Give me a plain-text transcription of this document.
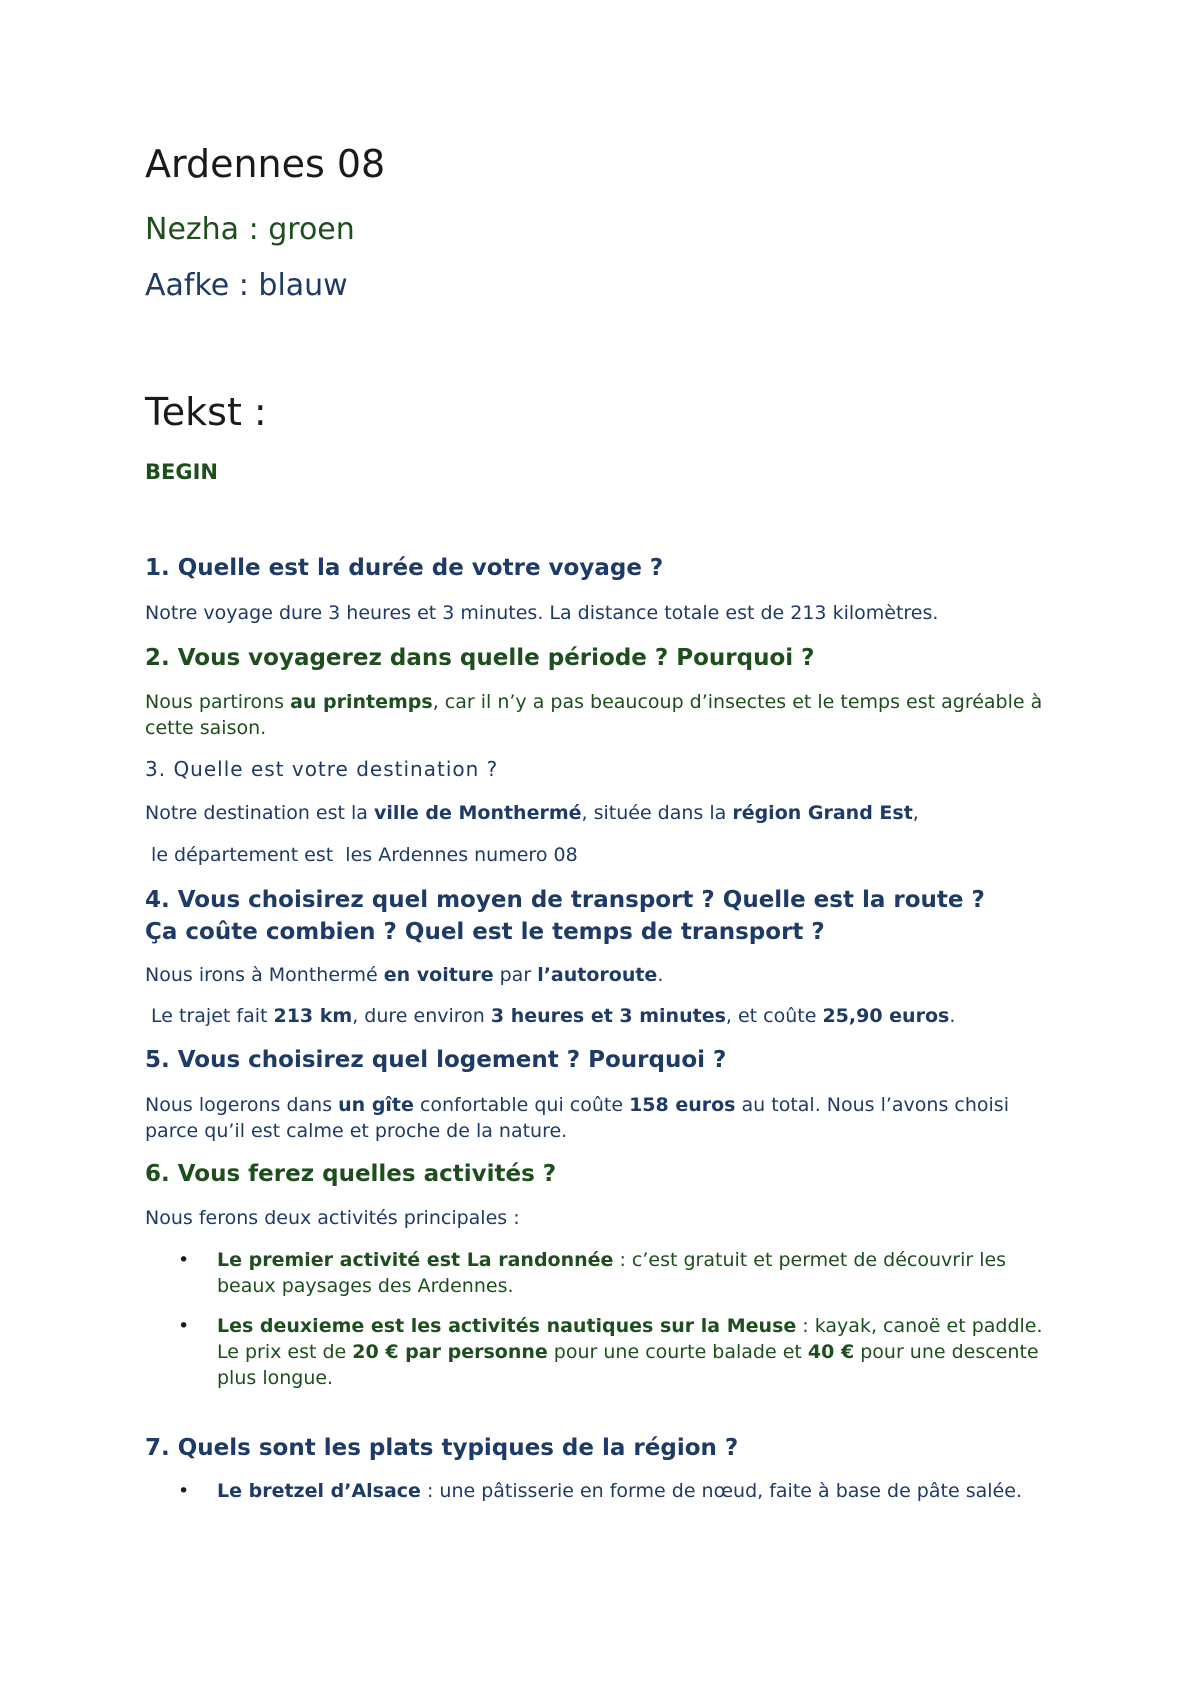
Ardennes 08
Nezha : groen
Aafke : blauw
Tekst :
BEGIN
1. Quelle est la durée de votre voyage ?
Notre voyage dure 3 heures et 3 minutes. La distance totale est de 213 kilomètres.
2. Vous voyagerez dans quelle période ? Pourquoi ?
Nous partirons au printemps, car il n’y a pas beaucoup d’insectes et le temps est agréable à cette saison.
3. Quelle est votre destination ?
Notre destination est la ville de Monthermé, située dans la région Grand Est,
le département est  les Ardennes numero 08
4. Vous choisirez quel moyen de transport ? Quelle est la route ?
Ça coûte combien ? Quel est le temps de transport ?
Nous irons à Monthermé en voiture par l’autoroute.
Le trajet fait 213 km, dure environ 3 heures et 3 minutes, et coûte 25,90 euros.
5. Vous choisirez quel logement ? Pourquoi ?
Nous logerons dans un gîte confortable qui coûte 158 euros au total. Nous l’avons choisi parce qu’il est calme et proche de la nature.
6. Vous ferez quelles activités ?
Nous ferons deux activités principales :
• Le premier activité est La randonnée : c’est gratuit et permet de découvrir les beaux paysages des Ardennes.
• Les deuxieme est les activités nautiques sur la Meuse : kayak, canoë et paddle.
Le prix est de 20 € par personne pour une courte balade et 40 € pour une descente plus longue.
7. Quels sont les plats typiques de la région ?
• Le bretzel d’Alsace : une pâtisserie en forme de nœud, faite à base de pâte salée.
